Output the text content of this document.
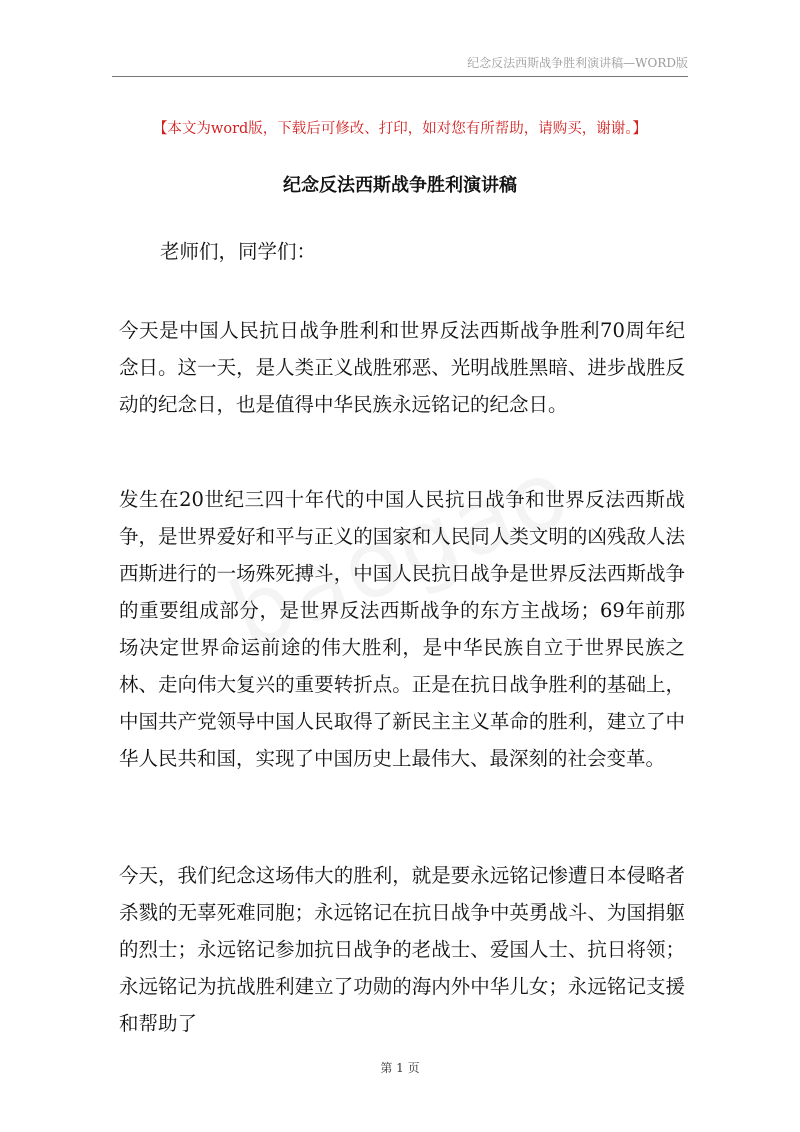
纪念反法西斯战争胜利演讲稿—WORD版
【本文为word版，下载后可修改、打印，如对您有所帮助，请购买，谢谢。】
纪念反法西斯战争胜利演讲稿
老师们，同学们：

今天是中国人民抗日战争胜利和世界反法西斯战争胜利70周年纪念日。这一天，是人类正义战胜邪恶、光明战胜黑暗、进步战胜反动的纪念日，也是值得中华民族永远铭记的纪念日。

发生在20世纪三四十年代的中国人民抗日战争和世界反法西斯战争，是世界爱好和平与正义的国家和人民同人类文明的凶残敌人法西斯进行的一场殊死搏斗，中国人民抗日战争是世界反法西斯战争的重要组成部分，是世界反法西斯战争的东方主战场；69年前那场决定世界命运前途的伟大胜利，是中华民族自立于世界民族之林、走向伟大复兴的重要转折点。正是在抗日战争胜利的基础上，中国共产党领导中国人民取得了新民主主义革命的胜利，建立了中华人民共和国，实现了中国历史上最伟大、最深刻的社会变革。

今天，我们纪念这场伟大的胜利，就是要永远铭记惨遭日本侵略者杀戮的无辜死难同胞；永远铭记在抗日战争中英勇战斗、为国捐躯的烈士；永远铭记参加抗日战争的老战士、爱国人士、抗日将领；永远铭记为抗战胜利建立了功勋的海内外中华儿女；永远铭记支援和帮助了

第 1 页
